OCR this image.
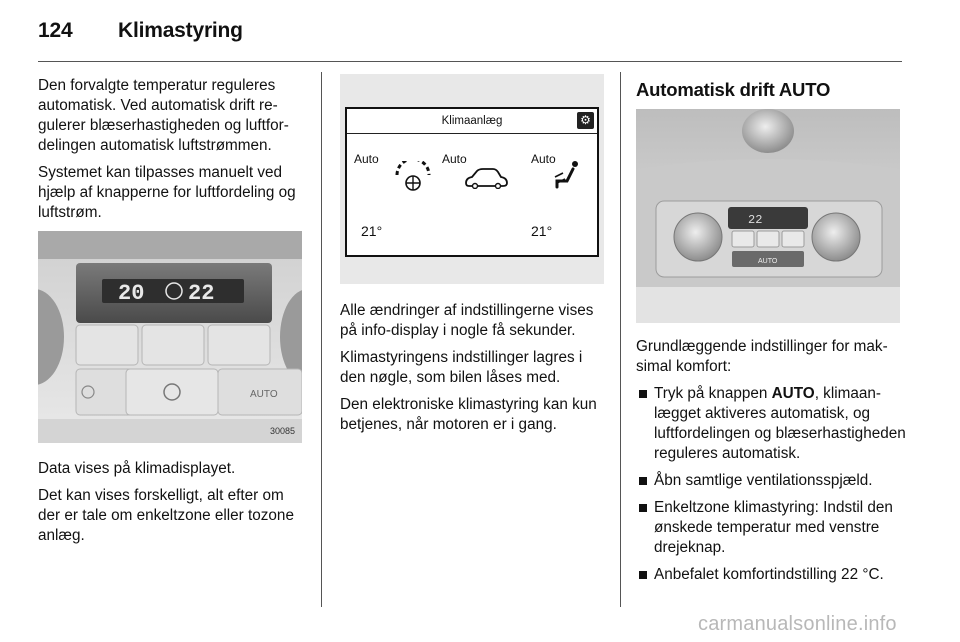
124 Klimastyring

Den forvalgte temperatur reguleres automatisk. Ved automatisk drift regulerer blæserhastigheden og luftfordelingen automatisk luftstrømmen.

Systemet kan tilpasses manuelt ved hjælp af knapperne for luftfordeling og luftstrøm.

20 22
AUTO
30085

Data vises på klimadisplayet.

Det kan vises forskelligt, alt efter om der er tale om enkeltzone eller tozone anlæg.

Klimaanlæg	⚙
Auto	Auto	Auto
21°	21°

Alle ændringer af indstillingerne vises på info-display i nogle få sekunder.

Klimastyringens indstillinger lagres i den nøgle, som bilen låses med.

Den elektroniske klimastyring kan kun betjenes, når motoren er i gang.

Automatisk drift AUTO
22
AUTO

Grundlæggende indstillinger for maksimal komfort:

Tryk på knappen AUTO, klimaanlægget aktiveres automatisk, og luftfordelingen og blæserhastigheden reguleres automatisk.
Åbn samtlige ventilationsspjæld.
Enkeltzone klimastyring: Indstil den ønskede temperatur med venstre drejeknap.
Anbefalet komfortindstilling 22 °C.
carmanualsonline.info
